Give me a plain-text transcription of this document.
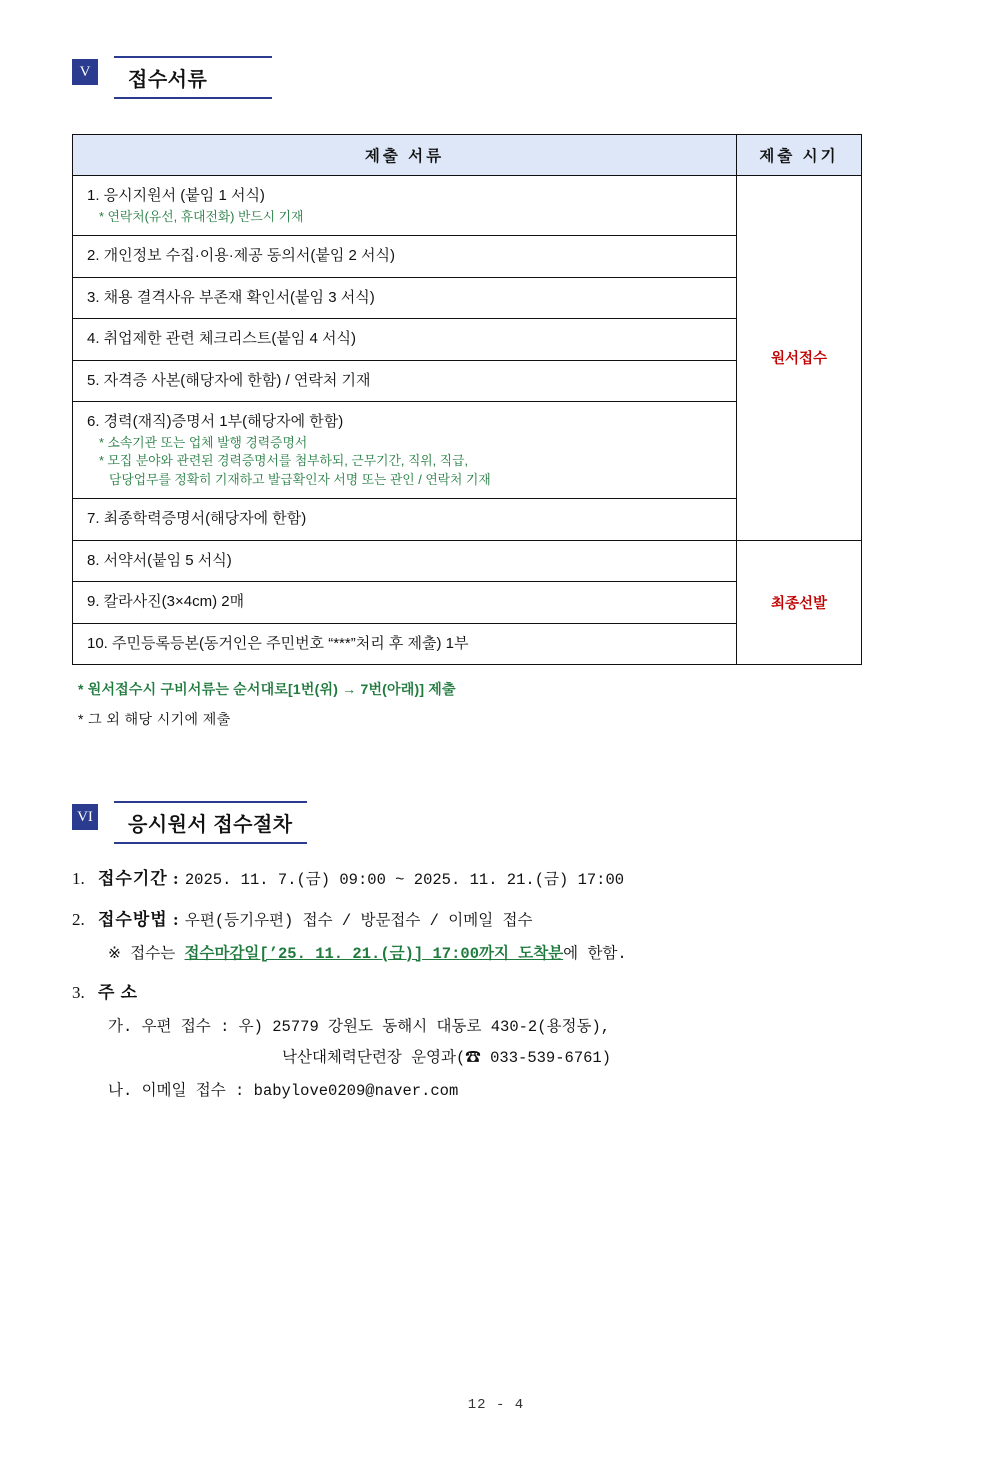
V	접수서류
제출 서류	제출 시기

1. 응시지원서 (붙임 1 서식)
* 연락처(유선, 휴대전화) 반드시 기재	원서접수

2. 개인정보 수집·이용·제공 동의서(붙임 2 서식)	

3. 채용 결격사유 부존재 확인서(붙임 3 서식)	

4. 취업제한 관련 체크리스트(붙임 4 서식)	

5. 자격증 사본(해당자에 한함) / 연락처 기재	

6. 경력(재직)증명서 1부(해당자에 한함)
* 소속기관 또는 업체 발행 경력증명서
* 모집 분야와 관련된 경력증명서를 첨부하되, 근무기간, 직위, 직급,
담당업무를 정확히 기재하고 발급확인자 서명 또는 관인 / 연락처 기재	

7. 최종학력증명서(해당자에 한함)	

8. 서약서(붙임 5 서식)	최종선발

9. 칼라사진(3×4cm) 2매	

10. 주민등록등본(동거인은 주민번호 “***”처리 후 제출) 1부	
* 원서접수시 구비서류는 순서대로[1번(위) → 7번(아래)] 제출
* 그 외 해당 시기에 제출
VI	응시원서 접수절차
1. 접수기간 : 2025. 11. 7.(금) 09:00 ~ 2025. 11. 21.(금) 17:00
2. 접수방법 : 우편(등기우편) 접수 / 방문접수 / 이메일 접수
※ 접수는 접수마감일[’25. 11. 21.(금)] 17:00까지 도착분에 한함.
3. 주 소
가. 우편 접수 : 우) 25779 강원도 동해시 대동로 430-2(용정동),
낙산대체력단련장 운영과(☎ 033-539-6761)
나. 이메일 접수 : babylove0209@naver.com
12 - 4
